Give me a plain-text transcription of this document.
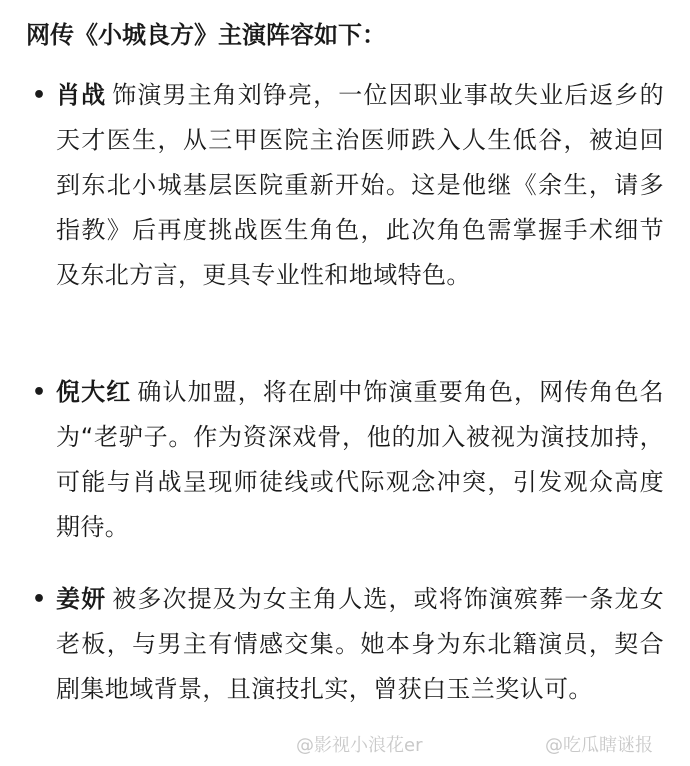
网传《小城良方》主演阵容如下：
• 肖战 饰演男主角刘铮亮，一位因职业事故失业后返乡的天才医生，从三甲医院主治医师跌入人生低谷，被迫回到东北小城基层医院重新开始。这是他继《余生，请多指教》后再度挑战医生角色，此次角色需掌握手术细节及东北方言，更具专业性和地域特色。
• 倪大红 确认加盟，将在剧中饰演重要角色，网传角色名为“老驴子。作为资深戏骨，他的加入被视为演技加持，可能与肖战呈现师徒线或代际观念冲突，引发观众高度期待。
• 姜妍 被多次提及为女主角人选，或将饰演殡葬一条龙女老板，与男主有情感交集。她本身为东北籍演员，契合剧集地域背景，且演技扎实，曾获白玉兰奖认可。
@影视小浪花er	@吃瓜瞎谜报
